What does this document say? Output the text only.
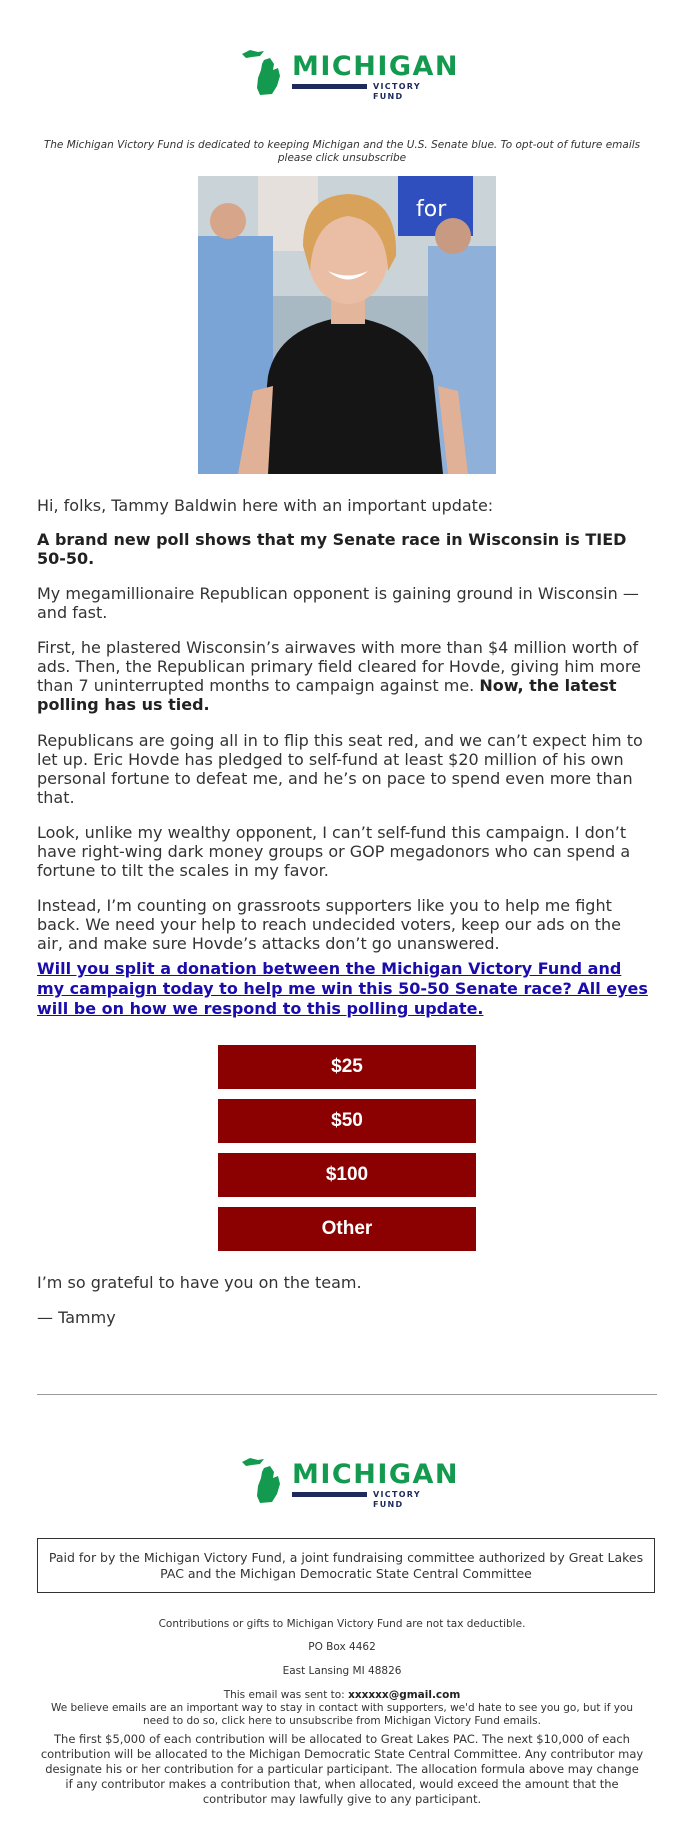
MICHIGAN
VICTORY FUND
The Michigan Victory Fund is dedicated to keeping Michigan and the U.S. Senate blue. To opt-out of future emails please click unsubscribe
for
Hi, folks, Tammy Baldwin here with an important update:
A brand new poll shows that my Senate race in Wisconsin is TIED 50-50.
My megamillionaire Republican opponent is gaining ground in Wisconsin — and fast.
First, he plastered Wisconsin’s airwaves with more than $4 million worth of ads. Then, the Republican primary field cleared for Hovde, giving him more than 7 uninterrupted months to campaign against me. Now, the latest polling has us tied.
Republicans are going all in to flip this seat red, and we can’t expect him to let up. Eric Hovde has pledged to self-fund at least $20 million of his own personal fortune to defeat me, and he’s on pace to spend even more than that.
Look, unlike my wealthy opponent, I can’t self-fund this campaign. I don’t have right-wing dark money groups or GOP megadonors who can spend a fortune to tilt the scales in my favor.
Instead, I’m counting on grassroots supporters like you to help me fight back. We need your help to reach undecided voters, keep our ads on the air, and make sure Hovde’s attacks don’t go unanswered.
Will you split a donation between the Michigan Victory Fund and my campaign today to help me win this 50-50 Senate race? All eyes will be on how we respond to this polling update.
$25
$50
$100
Other
I’m so grateful to have you on the team.
— Tammy
MICHIGAN
VICTORY FUND
Paid for by the Michigan Victory Fund, a joint fundraising committee authorized by Great Lakes PAC and the Michigan Democratic State Central Committee
Contributions or gifts to Michigan Victory Fund are not tax deductible.
PO Box 4462
East Lansing MI 48826
This email was sent to: xxxxxx@gmail.com
We believe emails are an important way to stay in contact with supporters, we'd hate to see you go, but if you need to do so, click here to unsubscribe from Michigan Victory Fund emails.
The first $5,000 of each contribution will be allocated to Great Lakes PAC. The next $10,000 of each contribution will be allocated to the Michigan Democratic State Central Committee. Any contributor may designate his or her contribution for a particular participant. The allocation formula above may change if any contributor makes a contribution that, when allocated, would exceed the amount that the contributor may lawfully give to any participant.
